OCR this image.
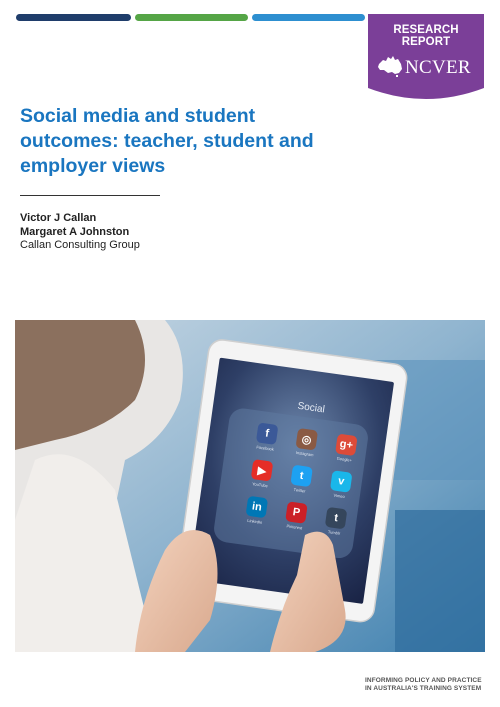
RESEARCH REPORT
NCVER
Social media and student outcomes: teacher, student and employer views
Victor J Callan
Margaret A Johnston
Callan Consulting Group
Social
f
Facebook
◎
Instagram
g+
Google+
▶
YouTube
t
Twitter
v
Vimeo
in
LinkedIn
P
Pinterest
t
Tumblr
INFORMING POLICY AND PRACTICE
IN AUSTRALIA'S TRAINING SYSTEM
